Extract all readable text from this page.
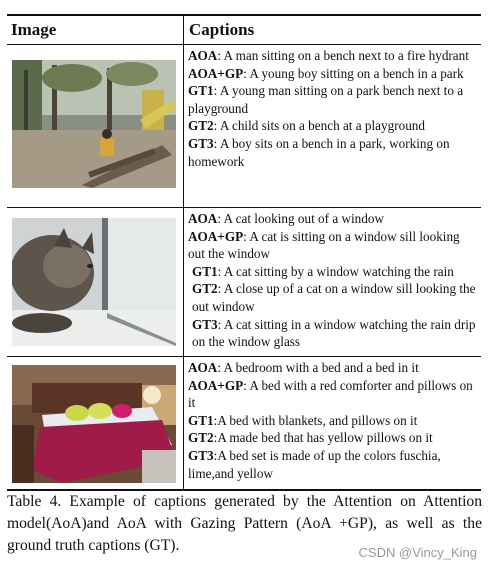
Image	Captions

AOA: A man sitting on a bench next to a fire hydrant

AOA+GP: A young boy sitting on a bench in a park

GT1: A young man sitting on a park bench next to a playground

GT2: A child sits on a bench at a playground

GT3: A boy sits on a bench in a park, working on homework

AOA: A cat looking out of a window

AOA+GP: A cat is sitting on a window sill looking out the window

GT1: A cat sitting by a window watching the rain

GT2: A close up of a cat on a window sill looking the out window

GT3: A cat sitting in a window watching the rain drip on the window glass

AOA: A bedroom with a bed and a bed in it

AOA+GP: A bed with a red comforter and pillows on it

GT1:A bed with blankets, and pillows on it

GT2:A made bed that has yellow pillows on it

GT3:A bed set is made of up the colors fuschia, lime,and yellow

Table 4. Example of captions generated by the Attention on Attention model(AoA)and AoA with Gazing Pattern (AoA +GP), as well as the ground truth captions (GT).	CSDN @Vincy_King
